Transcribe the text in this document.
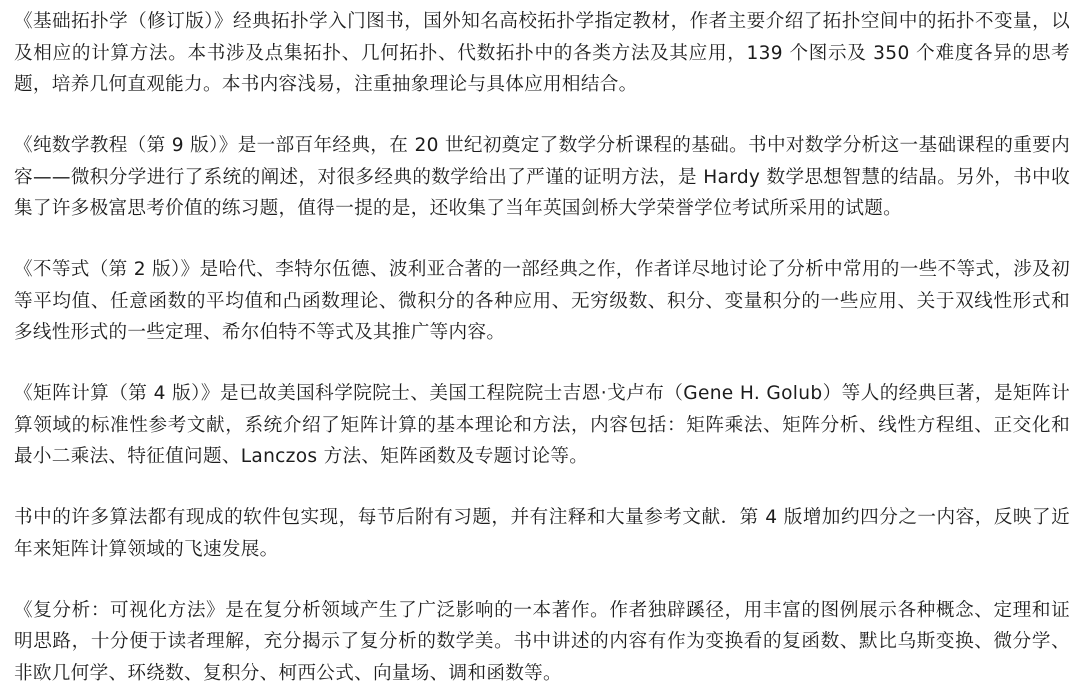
《基础拓扑学（修订版）》经典拓扑学入门图书，国外知名高校拓扑学指定教材，作者主要介绍了拓扑空间中的拓扑不变量，以及相应的计算方法。本书涉及点集拓扑、几何拓扑、代数拓扑中的各类方法及其应用，139 个图示及 350 个难度各异的思考题，培养几何直观能力。本书内容浅易，注重抽象理论与具体应用相结合。

《纯数学教程（第 9 版）》是一部百年经典，在 20 世纪初奠定了数学分析课程的基础。书中对数学分析这一基础课程的重要内容——微积分学进行了系统的阐述，对很多经典的数学给出了严谨的证明方法，是 Hardy 数学思想智慧的结晶。另外，书中收集了许多极富思考价值的练习题，值得一提的是，还收集了当年英国剑桥大学荣誉学位考试所采用的试题。

《不等式（第 2 版）》是哈代、李特尔伍德、波利亚合著的一部经典之作，作者详尽地讨论了分析中常用的一些不等式，涉及初等平均值、任意函数的平均值和凸函数理论、微积分的各种应用、无穷级数、积分、变量积分的一些应用、关于双线性形式和多线性形式的一些定理、希尔伯特不等式及其推广等内容。

《矩阵计算（第 4 版）》是已故美国科学院院士、美国工程院院士吉恩·戈卢布（Gene H. Golub）等人的经典巨著，是矩阵计算领域的标准性参考文献，系统介绍了矩阵计算的基本理论和方法，内容包括：矩阵乘法、矩阵分析、线性方程组、正交化和最小二乘法、特征值问题、Lanczos 方法、矩阵函数及专题讨论等。

书中的许多算法都有现成的软件包实现，每节后附有习题，并有注释和大量参考文献．第 4 版增加约四分之一内容，反映了近年来矩阵计算领域的飞速发展。

《复分析：可视化方法》是在复分析领域产生了广泛影响的一本著作。作者独辟蹊径，用丰富的图例展示各种概念、定理和证明思路，十分便于读者理解，充分揭示了复分析的数学美。书中讲述的内容有作为变换看的复函数、默比乌斯变换、微分学、非欧几何学、环绕数、复积分、柯西公式、向量场、调和函数等。
